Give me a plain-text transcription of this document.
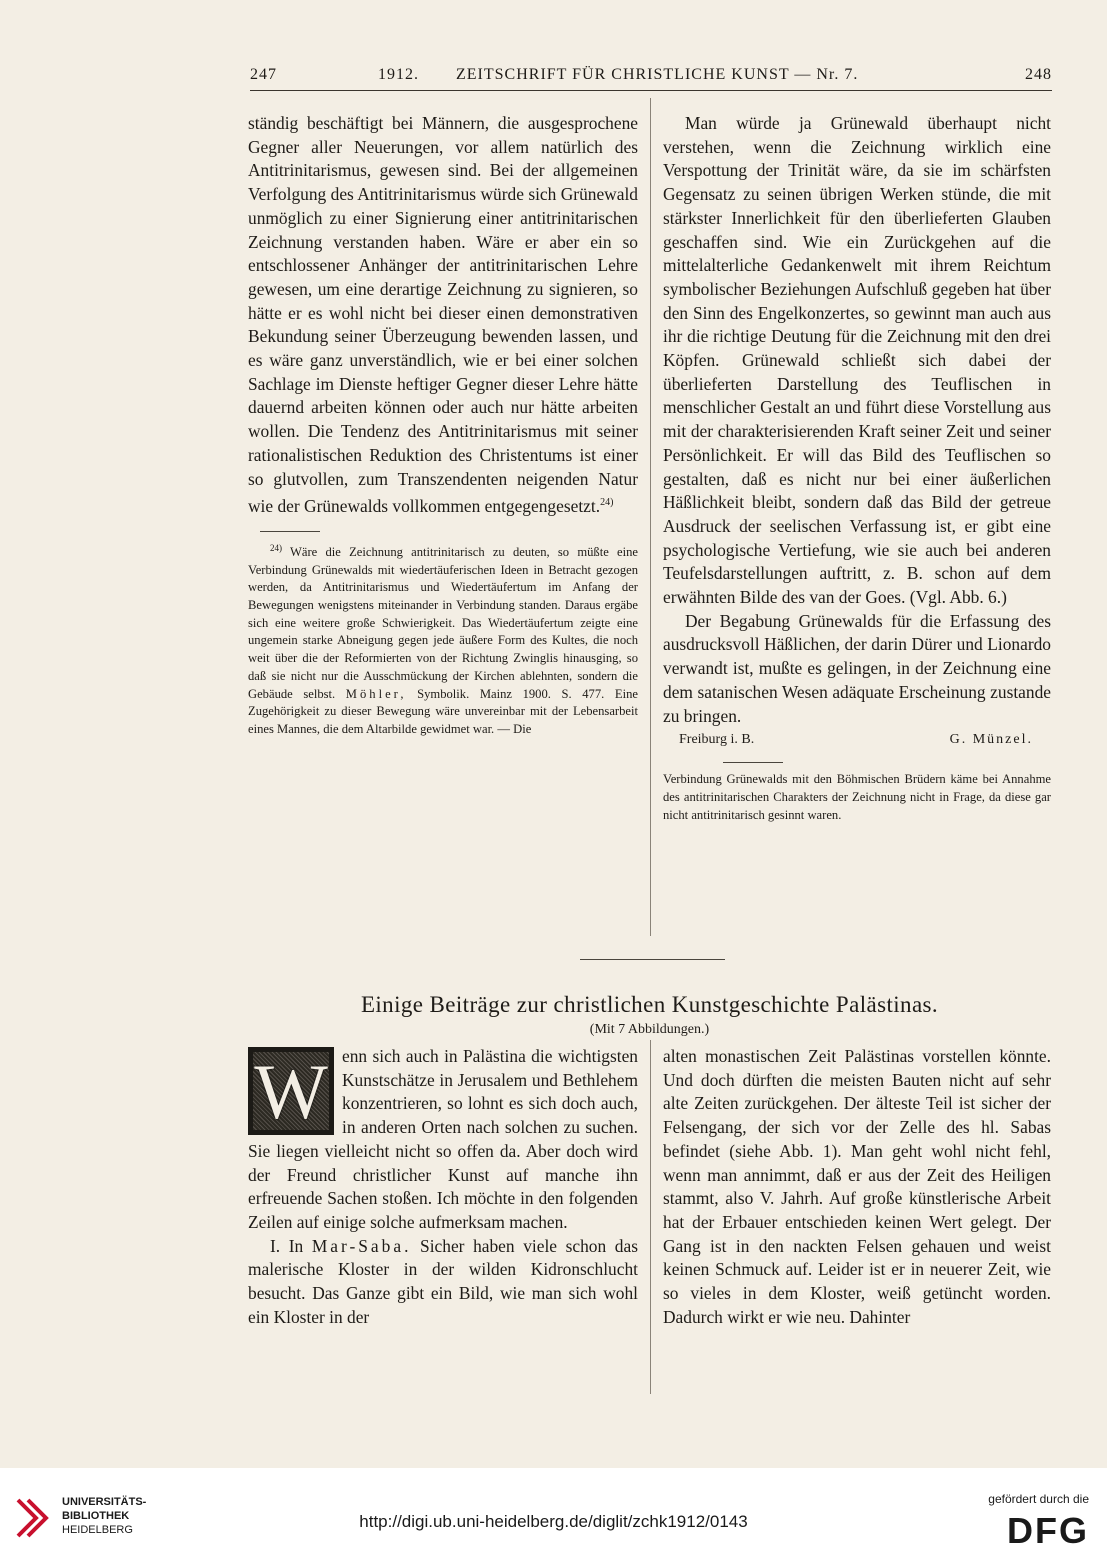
247	1912. ZEITSCHRIFT FÜR CHRISTLICHE KUNST — Nr. 7.	248

ständig beschäftigt bei Männern, die ausgesprochene Gegner aller Neuerungen, vor allem natürlich des Antitrinitarismus, gewesen sind. Bei der allgemeinen Verfolgung des Antitrinitarismus würde sich Grünewald unmöglich zu einer Signierung einer antitrinitarischen Zeichnung verstanden haben. Wäre er aber ein so entschlossener Anhänger der antitrinitarischen Lehre gewesen, um eine derartige Zeichnung zu signieren, so hätte er es wohl nicht bei dieser einen demonstrativen Bekundung seiner Überzeugung bewenden lassen, und es wäre ganz unverständlich, wie er bei einer solchen Sachlage im Dienste heftiger Gegner dieser Lehre hätte dauernd arbeiten können oder auch nur hätte arbeiten wollen. Die Tendenz des Antitrinitarismus mit seiner rationalistischen Reduktion des Christentums ist einer so glutvollen, zum Transzendenten neigenden Natur wie der Grünewalds vollkommen entgegengesetzt.$^{24)}$

$^{24)}$ Wäre die Zeichnung antitrinitarisch zu deuten, so müßte eine Verbindung Grünewalds mit wiedertäuferischen Ideen in Betracht gezogen werden, da Antitrinitarismus und Wiedertäufertum im Anfang der Bewegungen wenigstens miteinander in Verbindung standen. Daraus ergäbe sich eine weitere große Schwierigkeit. Das Wiedertäufertum zeigte eine ungemein starke Abneigung gegen jede äußere Form des Kultes, die noch weit über die der Reformierten von der Richtung Zwinglis hinausging, so daß sie nicht nur die Ausschmückung der Kirchen ablehnten, sondern die Gebäude selbst. Möhler, Symbolik. Mainz 1900. S. 477. Eine Zugehörigkeit zu dieser Bewegung wäre unvereinbar mit der Lebensarbeit eines Mannes, die dem Altarbilde gewidmet war. — Die

Man würde ja Grünewald überhaupt nicht verstehen, wenn die Zeichnung wirklich eine Verspottung der Trinität wäre, da sie im schärfsten Gegensatz zu seinen übrigen Werken stünde, die mit stärkster Innerlichkeit für den überlieferten Glauben geschaffen sind. Wie ein Zurückgehen auf die mittelalterliche Gedankenwelt mit ihrem Reichtum symbolischer Beziehungen Aufschluß gegeben hat über den Sinn des Engelkonzertes, so gewinnt man auch aus ihr die richtige Deutung für die Zeichnung mit den drei Köpfen. Grünewald schließt sich dabei der überlieferten Darstellung des Teuflischen in menschlicher Gestalt an und führt diese Vorstellung aus mit der charakterisierenden Kraft seiner Zeit und seiner Persönlichkeit. Er will das Bild des Teuflischen so gestalten, daß es nicht nur bei einer äußerlichen Häßlichkeit bleibt, sondern daß das Bild der getreue Ausdruck der seelischen Verfassung ist, er gibt eine psychologische Vertiefung, wie sie auch bei anderen Teufelsdarstellungen auftritt, z. B. schon auf dem erwähnten Bilde des van der Goes. (Vgl. Abb. 6.)

Der Begabung Grünewalds für die Erfassung des ausdrucksvoll Häßlichen, der darin Dürer und Lionardo verwandt ist, mußte es gelingen, in der Zeichnung eine dem satanischen Wesen adäquate Erscheinung zustande zu bringen.

Freiburg i. B.	G. Münzel.

Verbindung Grünewalds mit den Böhmischen Brüdern käme bei Annahme des antitrinitarischen Charakters der Zeichnung nicht in Frage, da diese gar nicht antitrinitarisch gesinnt waren.

Einige Beiträge zur christlichen Kunstgeschichte Palästinas.
(Mit 7 Abbildungen.)
W enn sich auch in Palästina die wichtigsten Kunstschätze in Jerusalem und Bethlehem konzentrieren, so lohnt es sich doch auch, in anderen Orten nach solchen zu suchen. Sie liegen vielleicht nicht so offen da. Aber doch wird der Freund christlicher Kunst auf manche ihn erfreuende Sachen stoßen. Ich möchte in den folgenden Zeilen auf einige solche aufmerksam machen.

I. In Mar-Saba. Sicher haben viele schon das malerische Kloster in der wilden Kidronschlucht besucht. Das Ganze gibt ein Bild, wie man sich wohl ein Kloster in der

alten monastischen Zeit Palästinas vorstellen könnte. Und doch dürften die meisten Bauten nicht auf sehr alte Zeiten zurückgehen. Der älteste Teil ist sicher der Felsengang, der sich vor der Zelle des hl. Sabas befindet (siehe Abb. 1). Man geht wohl nicht fehl, wenn man annimmt, daß er aus der Zeit des Heiligen stammt, also V. Jahrh. Auf große künstlerische Arbeit hat der Erbauer entschieden keinen Wert gelegt. Der Gang ist in den nackten Felsen gehauen und weist keinen Schmuck auf. Leider ist er in neuerer Zeit, wie so vieles in dem Kloster, weiß getüncht worden. Dadurch wirkt er wie neu. Dahinter

UNIVERSITÄTS-
BIBLIOTHEK
HEIDELBERG	http://digi.ub.uni-heidelberg.de/diglit/zchk1912/0143
gefördert durch die
DFG
